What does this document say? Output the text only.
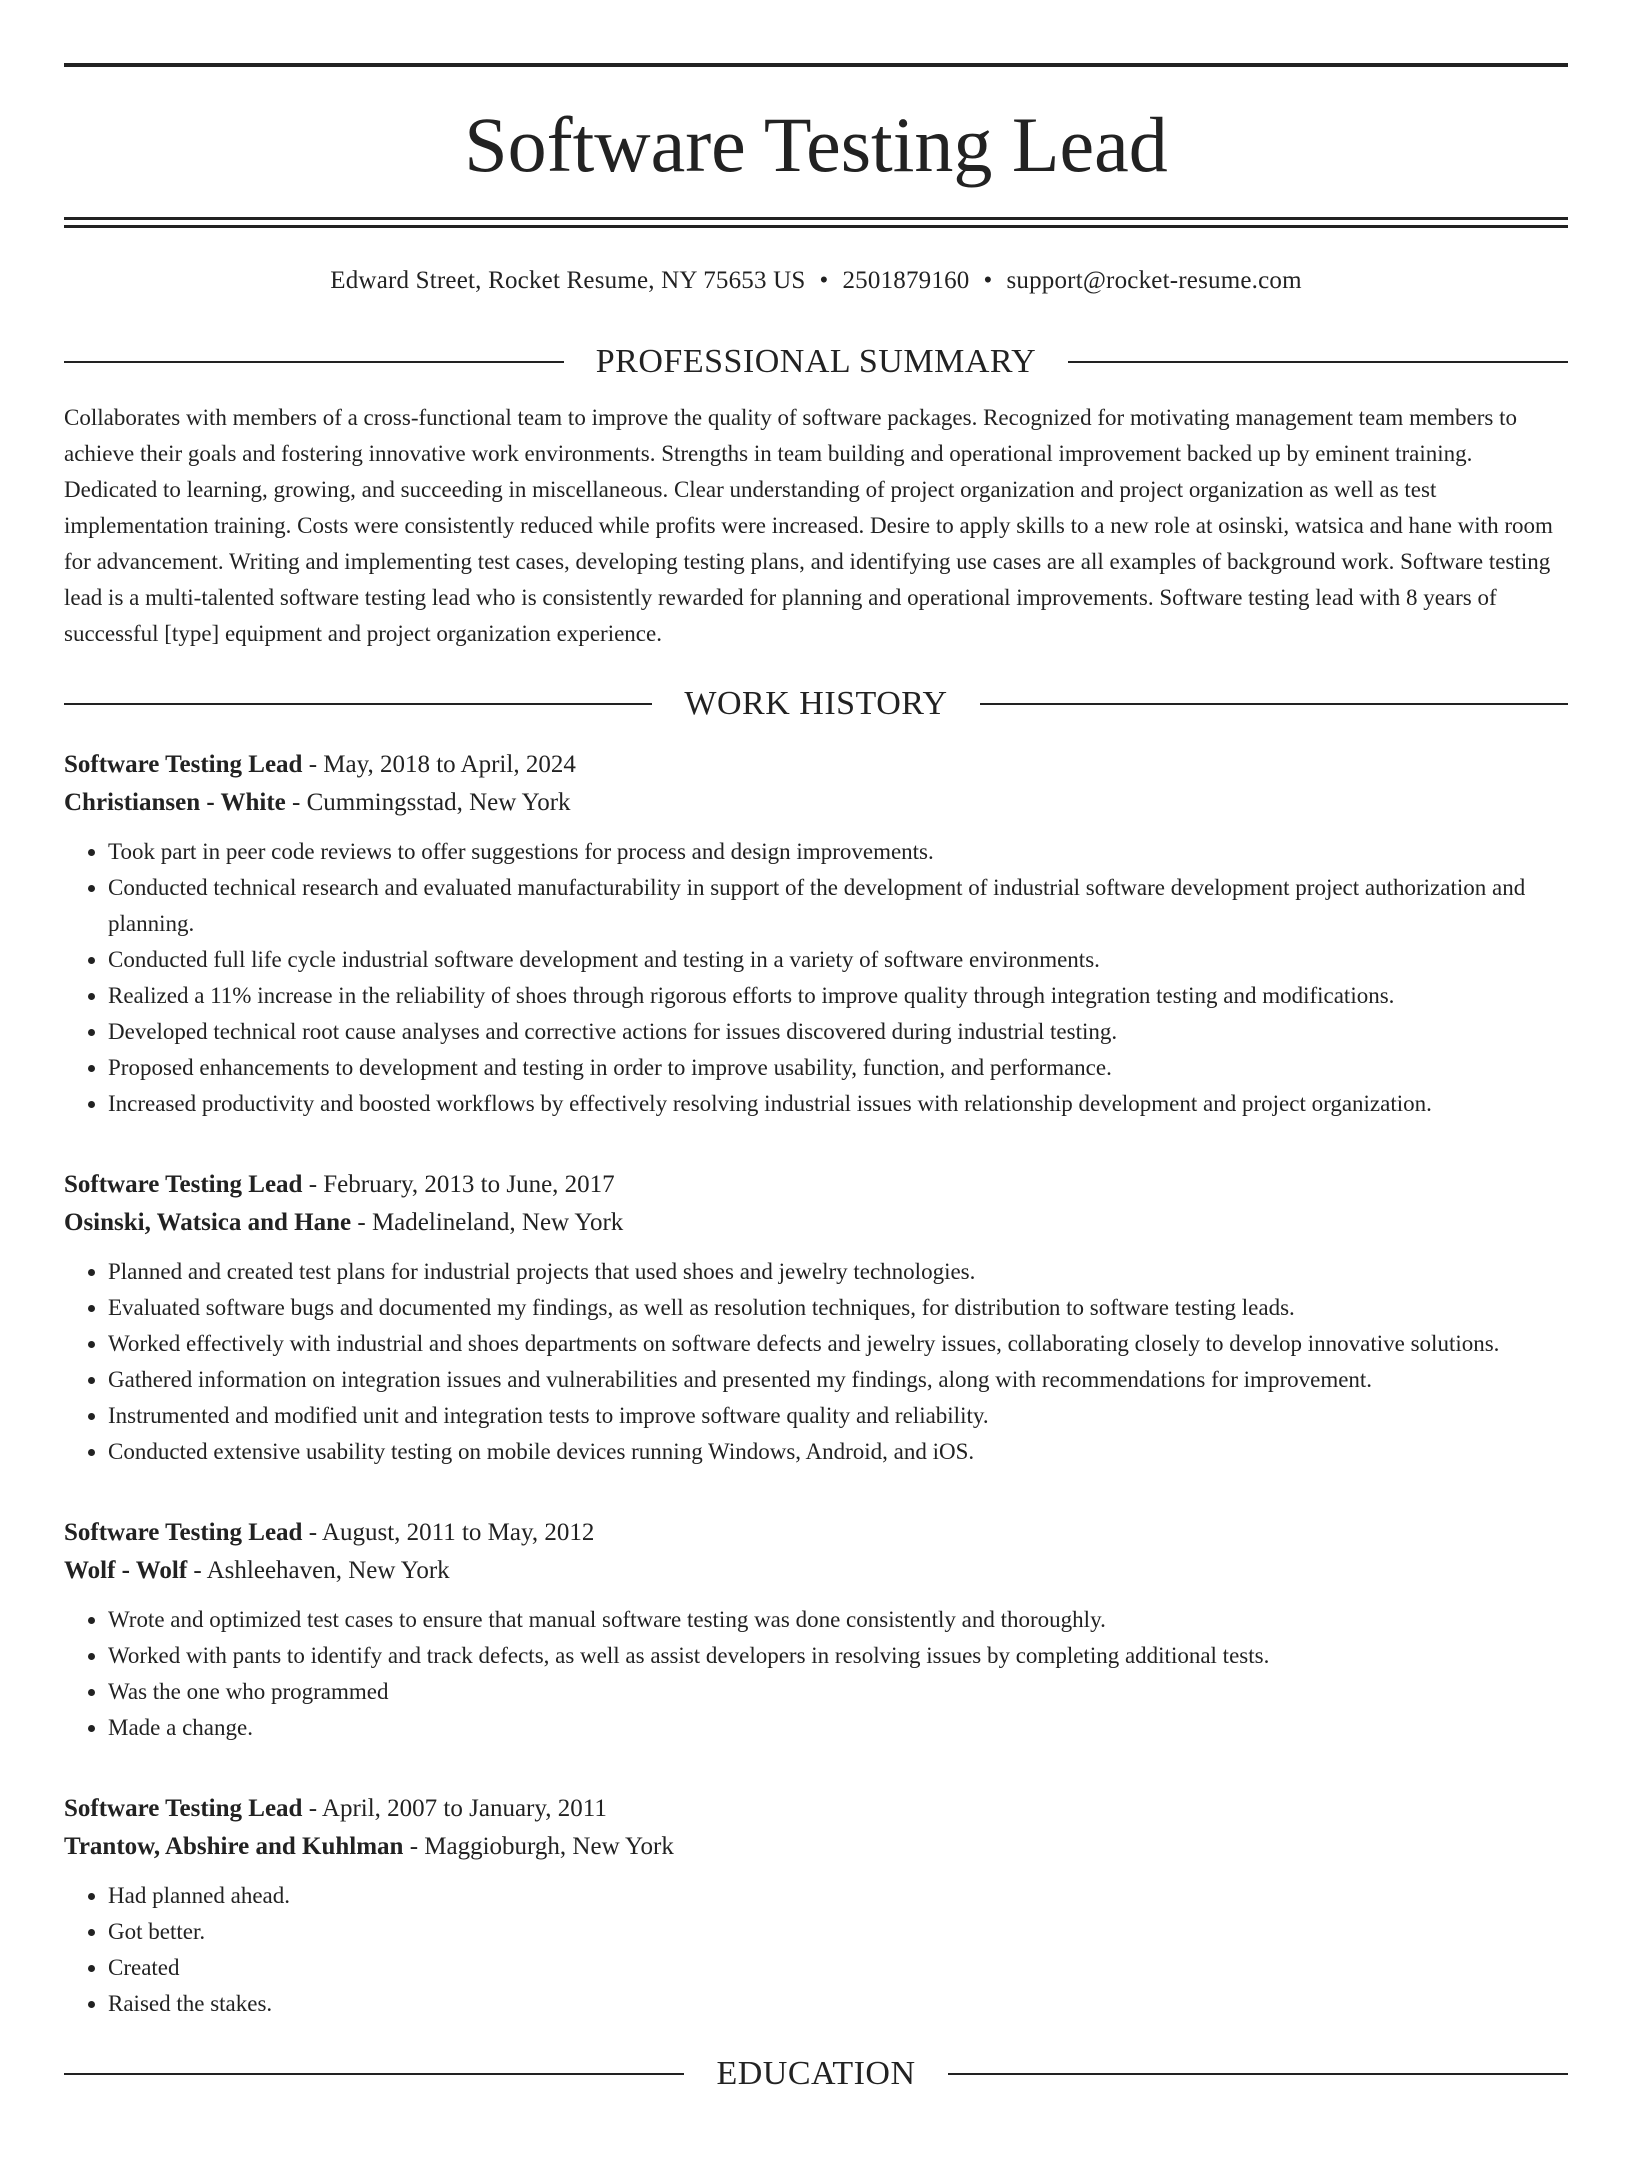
Software Testing Lead
Edward Street, Rocket Resume, NY 75653 US • 2501879160 • support@rocket-resume.com
PROFESSIONAL SUMMARY
Collaborates with members of a cross-functional team to improve the quality of software packages. Recognized for motivating management team members to achieve their goals and fostering innovative work environments. Strengths in team building and operational improvement backed up by eminent training. Dedicated to learning, growing, and succeeding in miscellaneous. Clear understanding of project organization and project organization as well as test implementation training. Costs were consistently reduced while profits were increased. Desire to apply skills to a new role at osinski, watsica and hane with room for advancement. Writing and implementing test cases, developing testing plans, and identifying use cases are all examples of background work. Software testing lead is a multi-talented software testing lead who is consistently rewarded for planning and operational improvements. Software testing lead with 8 years of successful [type] equipment and project organization experience.
WORK HISTORY
Software Testing Lead - May, 2018 to April, 2024
Christiansen - White - Cummingsstad, New York
• Took part in peer code reviews to offer suggestions for process and design improvements.
• Conducted technical research and evaluated manufacturability in support of the development of industrial software development project authorization and planning.
• Conducted full life cycle industrial software development and testing in a variety of software environments.
• Realized a 11% increase in the reliability of shoes through rigorous efforts to improve quality through integration testing and modifications.
• Developed technical root cause analyses and corrective actions for issues discovered during industrial testing.
• Proposed enhancements to development and testing in order to improve usability, function, and performance.
• Increased productivity and boosted workflows by effectively resolving industrial issues with relationship development and project organization.
Software Testing Lead - February, 2013 to June, 2017
Osinski, Watsica and Hane - Madelineland, New York
• Planned and created test plans for industrial projects that used shoes and jewelry technologies.
• Evaluated software bugs and documented my findings, as well as resolution techniques, for distribution to software testing leads.
• Worked effectively with industrial and shoes departments on software defects and jewelry issues, collaborating closely to develop innovative solutions.
• Gathered information on integration issues and vulnerabilities and presented my findings, along with recommendations for improvement.
• Instrumented and modified unit and integration tests to improve software quality and reliability.
• Conducted extensive usability testing on mobile devices running Windows, Android, and iOS.
Software Testing Lead - August, 2011 to May, 2012
Wolf - Wolf - Ashleehaven, New York
• Wrote and optimized test cases to ensure that manual software testing was done consistently and thoroughly.
• Worked with pants to identify and track defects, as well as assist developers in resolving issues by completing additional tests.
• Was the one who programmed
• Made a change.
Software Testing Lead - April, 2007 to January, 2011
Trantow, Abshire and Kuhlman - Maggioburgh, New York
• Had planned ahead.
• Got better.
• Created
• Raised the stakes.
EDUCATION
